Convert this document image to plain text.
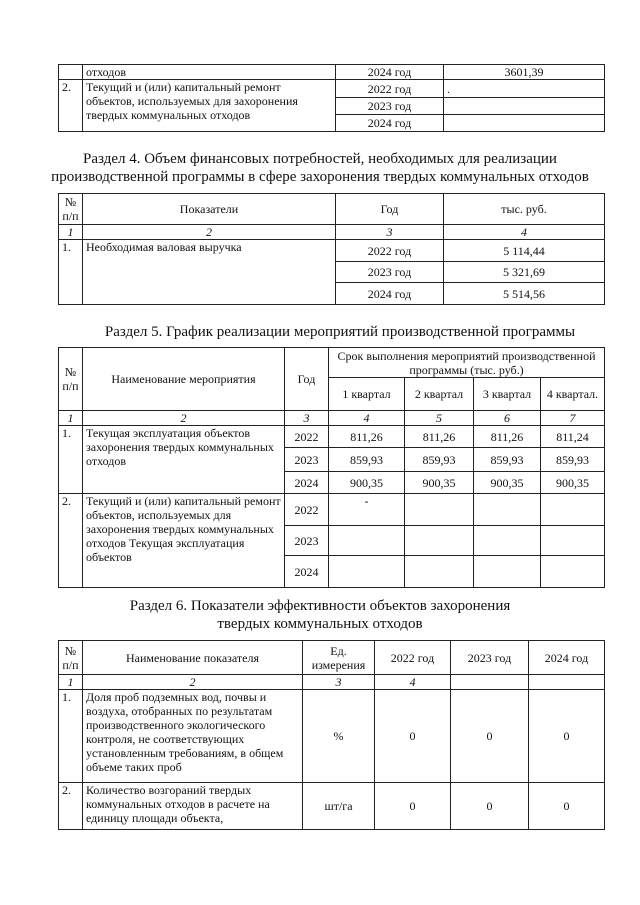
	отходов	2024 год	3601,39
2.	Текущий и (или) капитальный ремонт объектов, используемых для захоронения твердых коммунальных отходов	2022 год	.
		2023 год	
		2024 год	
Раздел 4. Объем финансовых потребностей, необходимых для реализации
производственной программы в сфере захоронения твердых коммунальных отходов
№ п/п	Показатели	Год	тыс. руб.
1	2	3	4
1.	Необходимая валовая выручка	2022 год	5 114,44
		2023 год	5 321,69
		2024 год	5 514,56
Раздел 5. График реализации мероприятий производственной программы
№ п/п	Наименование мероприятия	Год	Срок выполнения мероприятий производственной программы (тыс. руб.)			
			1 квартал	2 квартал	3 квартал	4 квартал.
1	2	3	4	5	6	7
1.	Текущая эксплуатация объектов захоронения твердых коммунальных отходов	2022	811,26	811,26	811,26	811,24
		2023	859,93	859,93	859,93	859,93
		2024	900,35	900,35	900,35	900,35
2.	Текущий и (или) капитальный ремонт объектов, используемых для захоронения твердых коммунальных отходов Текущая эксплуатация объектов	2022	-			
		2023				
		2024				
Раздел 6. Показатели эффективности объектов захоронения
твердых коммунальных отходов
№ п/п	Наименование показателя	Ед. измерения	2022 год	2023 год	2024 год
1	2	3	4		
1.	Доля проб подземных вод, почвы и воздуха, отобранных по результатам производственного экологического контроля, не соответствующих установленным требованиям, в общем объеме таких проб	%	0	0	0
2.	Количество возгораний твердых коммунальных отходов в расчете на единицу площади объекта,	шт/га	0	0	0
